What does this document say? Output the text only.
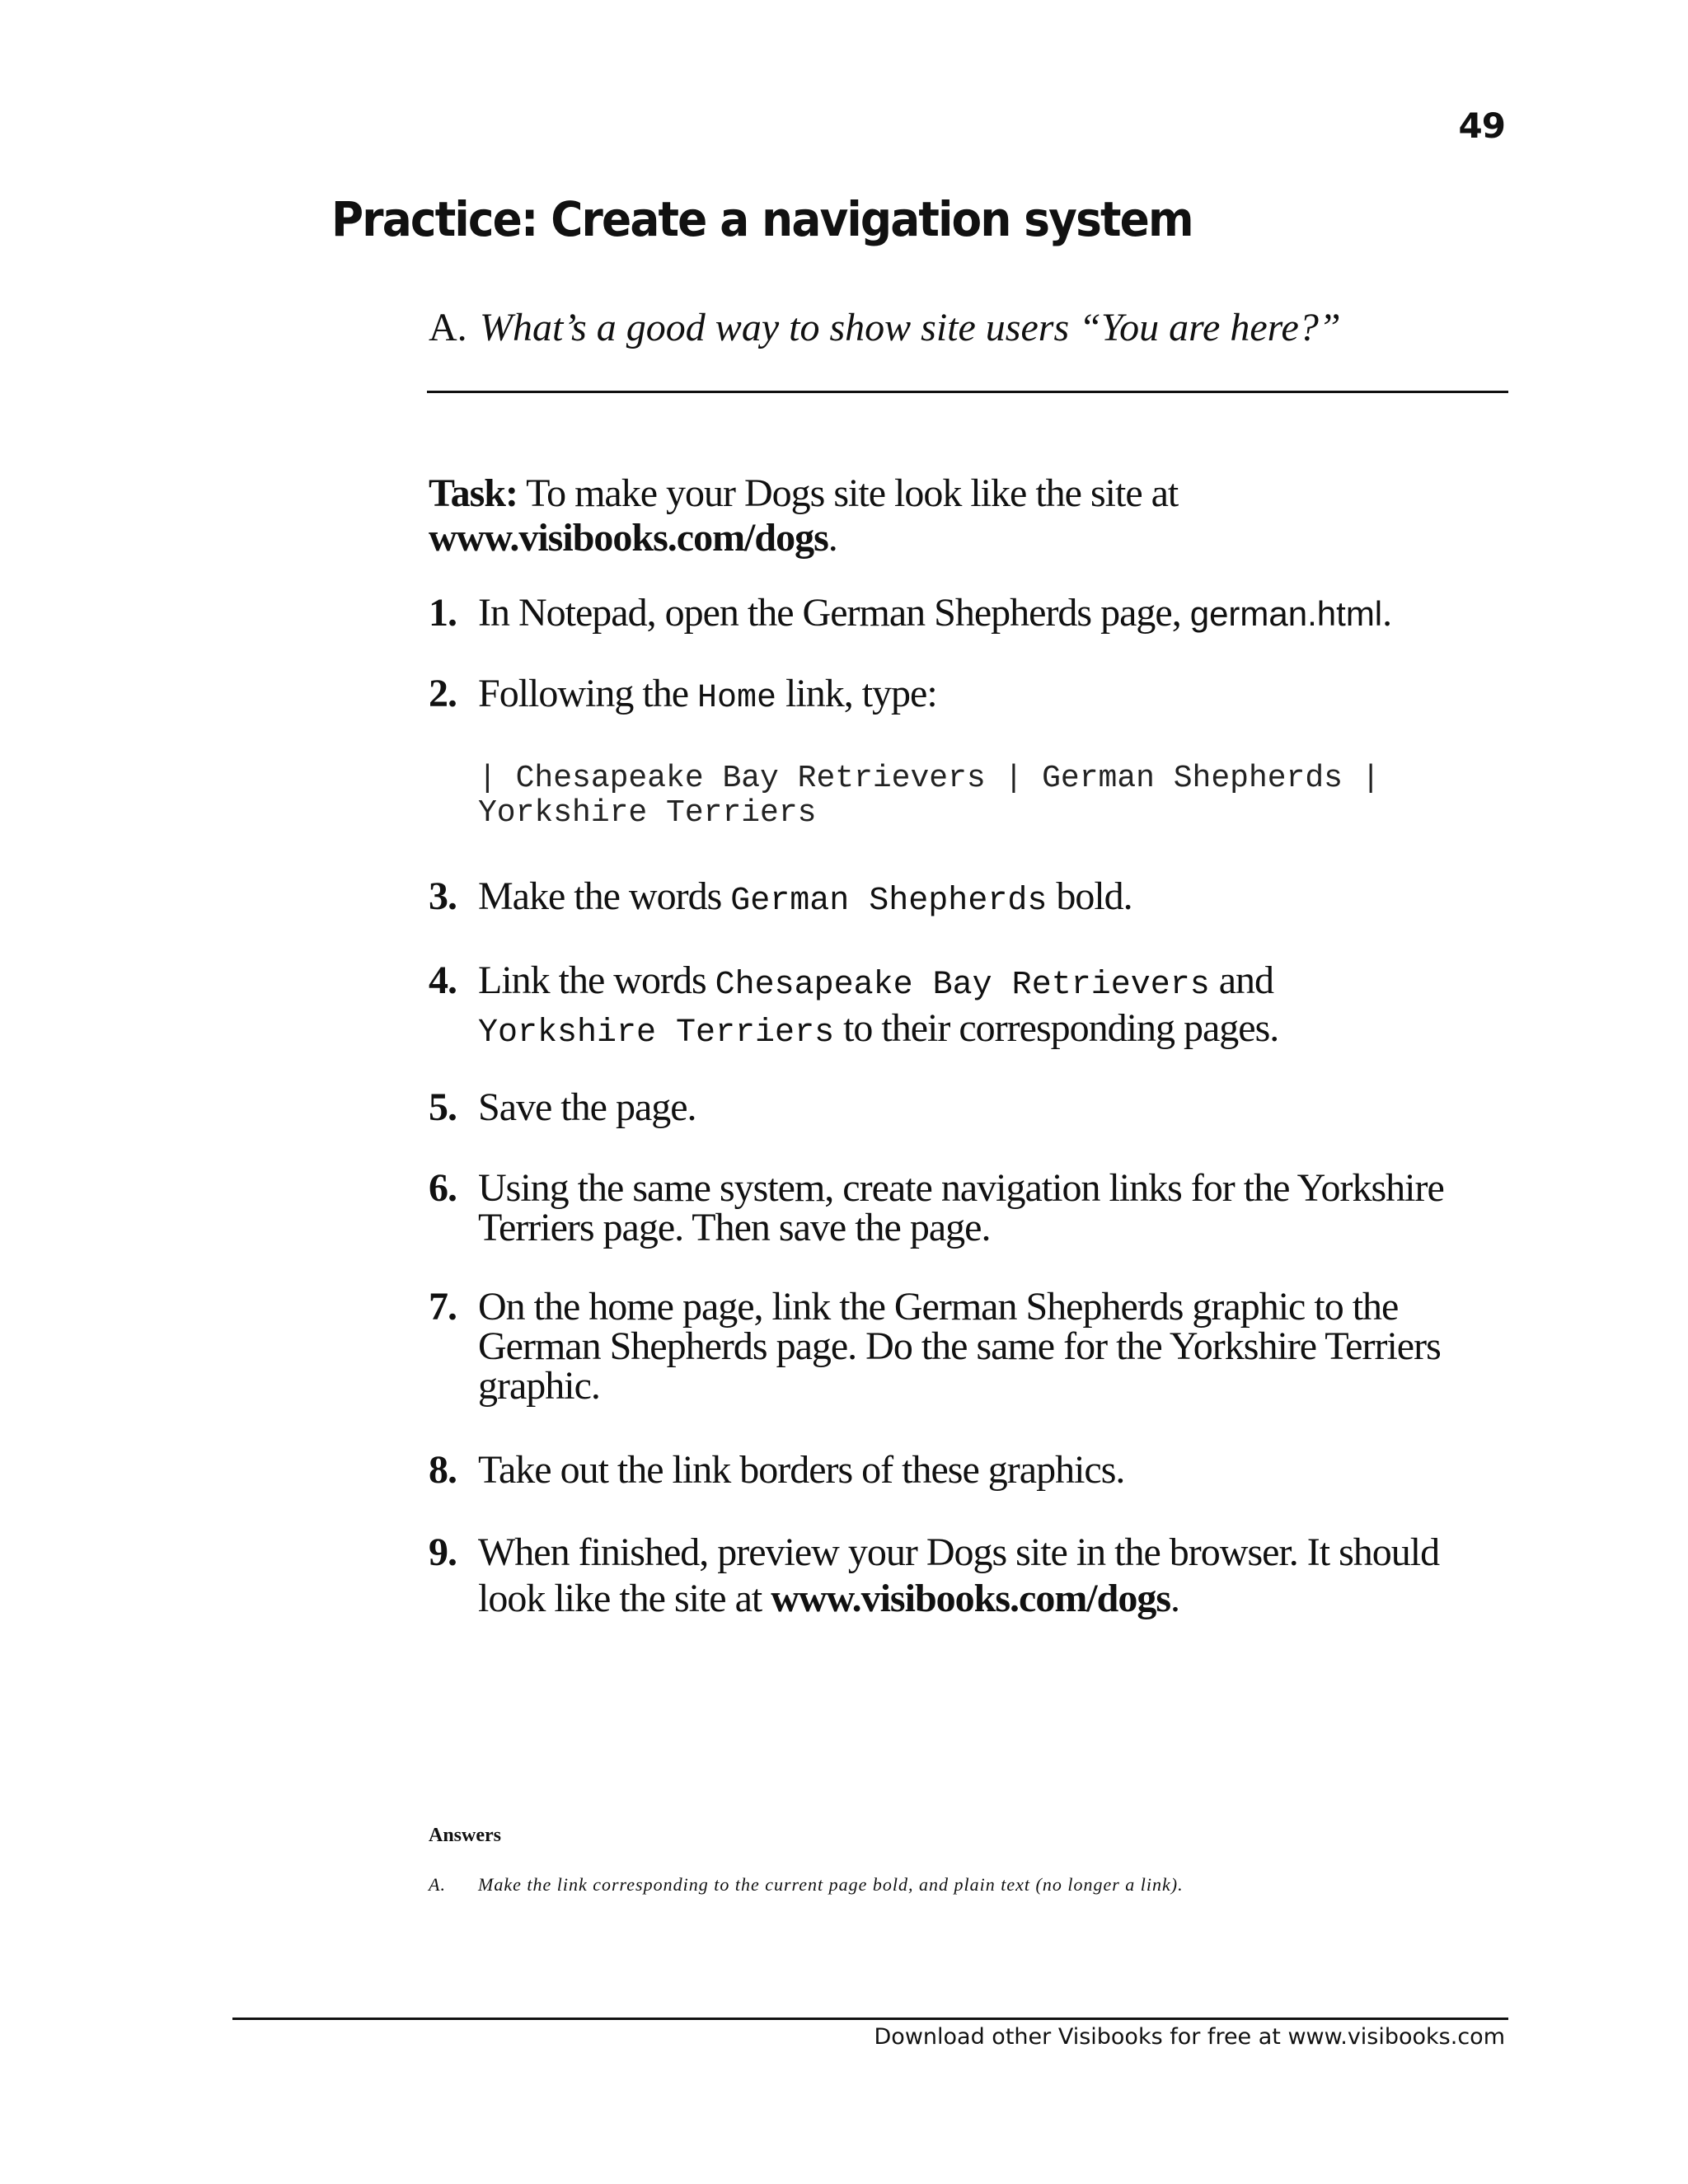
49
Practice: Create a navigation system
A. What’s a good way to show site users “You are here?”
Task: To make your Dogs site look like the site at
www.visibooks.com/dogs.
1. In Notepad, open the German Shepherds page, german.html.
2. Following the Home link, type:
3. Make the words German Shepherds bold.
4. Link the words Chesapeake Bay Retrievers and
Yorkshire Terriers to their corresponding pages.
5. Save the page.
6. Using the same system, create navigation links for the Yorkshire Terriers page. Then save the page.
7. On the home page, link the German Shepherds graphic to the German Shepherds page. Do the same for the Yorkshire Terriers graphic.
8. Take out the link borders of these graphics.
9. When finished, preview your Dogs site in the browser. It should look like the site at www.visibooks.com/dogs.
| Chesapeake Bay Retrievers | German Shepherds |
Yorkshire Terriers
Answers
A. Make the link corresponding to the current page bold, and plain text (no longer a link).
Download other Visibooks for free at www.visibooks.com
